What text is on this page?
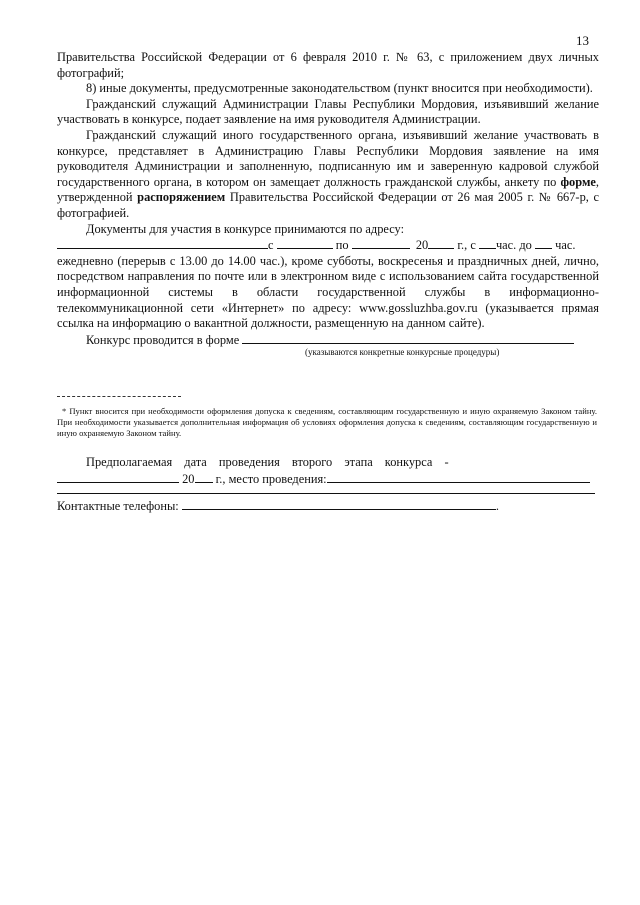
13

Правительства Российской Федерации от 6 февраля 2010 г. № 63, с приложением двух личных фотографий;

8) иные документы, предусмотренные законодательством (пункт вносится при необходимости).

Гражданский служащий Администрации Главы Республики Мордовия, изъявивший желание участвовать в конкурсе, подает заявление на имя руководителя Администрации.

Гражданский служащий иного государственного органа, изъявивший желание участвовать в конкурсе, представляет в Администрацию Главы Республики Мордовия заявление на имя руководителя Администрации и заполненную, подписанную им и заверенную кадровой службой государственного органа, в котором он замещает должность гражданской службы, анкету по форме, утвержденной распоряжением Правительства Российской Федерации от 26 мая 2005 г. № 667-р, с фотографией.

Документы для участия в конкурсе принимаются по адресу:

с	по	20 г., с час. до час.

ежедневно (перерыв с 13.00 до 14.00 час.), кроме субботы, воскресенья и праздничных дней, лично, посредством направления по почте или в электронном виде с использованием сайта государственной информационной системы в области государственной службы в информационно-телекоммуникационной сети «Интернет» по адресу: www.gossluzhba.gov.ru (указывается прямая ссылка на информацию о вакантной должности, размещенную на данном сайте).

Конкурс проводится в форме

(указываются конкретные конкурсные процедуры)
* Пункт вносится при необходимости оформления допуска к сведениям, составляющим государственную и иную охраняемую Законом тайну. При необходимости указывается дополнительная информация об условиях оформления допуска к сведениям, составляющим государственную и иную охраняемую Законом тайну.

Предполагаемая дата проведения второго этапа конкурса -

20 г., место проведения:

Контактные телефоны:	.
